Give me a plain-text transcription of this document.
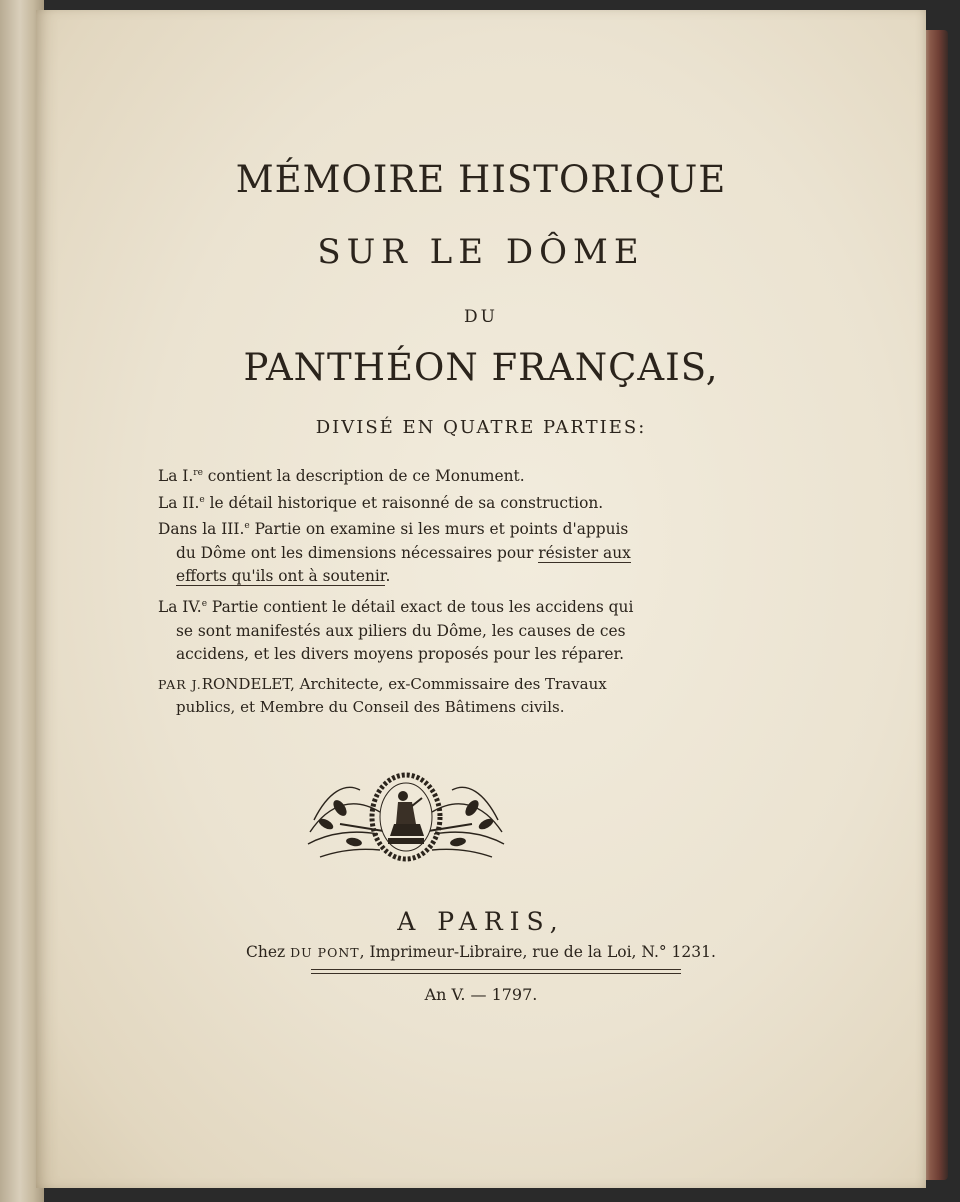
MÉMOIRE HISTORIQUE
SUR LE DÔME
DU
PANTHÉON FRANÇAIS,
DIVISÉ EN QUATRE PARTIES:

La I.$^{re}$ contient la description de ce Monument.

La II.$^e$ le détail historique et raisonné de sa construction.

Dans la III.$^e$ Partie on examine si les murs et points d'appuis

du Dôme ont les dimensions nécessaires pour résister aux

efforts qu'ils ont à soutenir.

La IV.$^e$ Partie contient le détail exact de tous les accidens qui

se sont manifestés aux piliers du Dôme, les causes de ces

accidens, et les divers moyens proposés pour les réparer.

PAR J.RONDELET, Architecte, ex-Commissaire des Travaux

publics, et Membre du Conseil des Bâtimens civils.

A PARIS,
Chez DU PONT, Imprimeur-Libraire, rue de la Loi, N.° 1231.
An V. — 1797.
